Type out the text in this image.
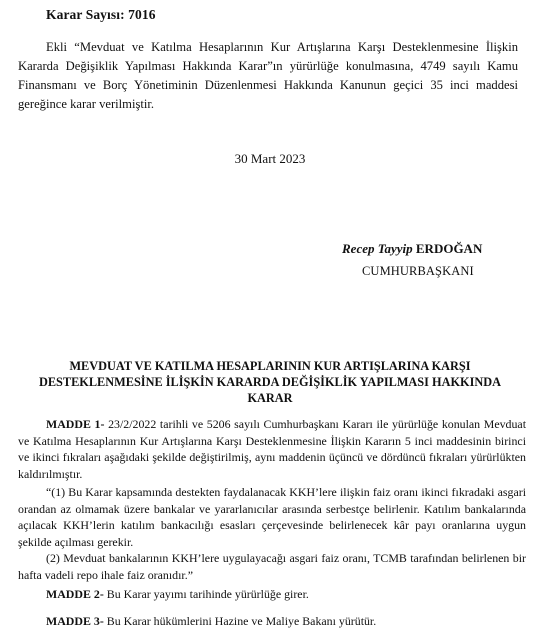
Karar Sayısı: 7016

Ekli “Mevduat ve Katılma Hesaplarının Kur Artışlarına Karşı Desteklenmesine İlişkin Kararda Değişiklik Yapılması Hakkında Karar”ın yürürlüğe konulmasına, 4749 sayılı Kamu Finansmanı ve Borç Yönetiminin Düzenlenmesi Hakkında Kanunun geçici 35 inci maddesi gereğince karar verilmiştir.

30 Mart 2023
Recep Tayyip ERDOĞAN
CUMHURBAŞKANI
MEVDUAT VE KATILMA HESAPLARININ KUR ARTIŞLARINA KARŞI DESTEKLENMESİNE İLİŞKİN KARARDA DEĞİŞİKLİK YAPILMASI HAKKINDA KARAR

MADDE 1- 23/2/2022 tarihli ve 5206 sayılı Cumhurbaşkanı Kararı ile yürürlüğe konulan Mevduat ve Katılma Hesaplarının Kur Artışlarına Karşı Desteklenmesine İlişkin Kararın 5 inci maddesinin birinci ve ikinci fıkraları aşağıdaki şekilde değiştirilmiş, aynı maddenin üçüncü ve dördüncü fıkraları yürürlükten kaldırılmıştır.

“(1) Bu Karar kapsamında destekten faydalanacak KKH’lere ilişkin faiz oranı ikinci fıkradaki asgari orandan az olmamak üzere bankalar ve yararlanıcılar arasında serbestçe belirlenir. Katılım bankalarında açılacak KKH’lerin katılım bankacılığı esasları çerçevesinde belirlenecek kâr payı oranlarına uygun şekilde açılması gerekir.

(2) Mevduat bankalarının KKH’lere uygulayacağı asgari faiz oranı, TCMB tarafından belirlenen bir hafta vadeli repo ihale faiz oranıdır.”

MADDE 2- Bu Karar yayımı tarihinde yürürlüğe girer.

MADDE 3- Bu Karar hükümlerini Hazine ve Maliye Bakanı yürütür.
